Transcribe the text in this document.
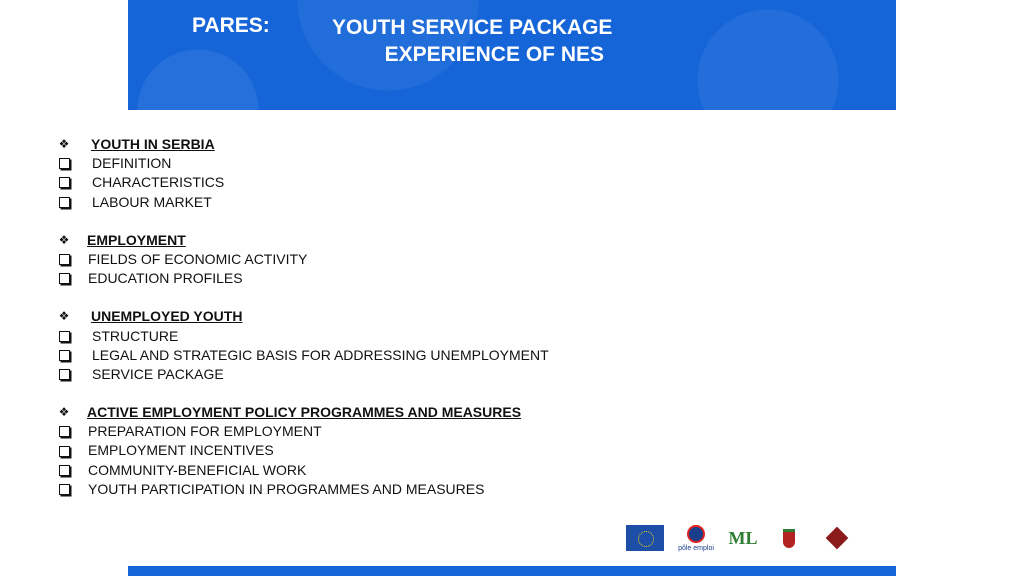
PARES:	YOUTH SERVICE PACKAGE
EXPERIENCE OF NES
❖ YOUTH IN SERBIA
DEFINITION
CHARACTERISTICS
LABOUR MARKET
❖ EMPLOYMENT
FIELDS OF ECONOMIC ACTIVITY
EDUCATION PROFILES
❖ UNEMPLOYED YOUTH
STRUCTURE
LEGAL AND STRATEGIC BASIS FOR ADDRESSING UNEMPLOYMENT
SERVICE PACKAGE
❖ ACTIVE EMPLOYMENT POLICY PROGRAMMES AND MEASURES
PREPARATION FOR EMPLOYMENT
EMPLOYMENT INCENTIVES
COMMUNITY-BENEFICIAL WORK
YOUTH PARTICIPATION IN PROGRAMMES AND MEASURES
pôle emploi
ML
